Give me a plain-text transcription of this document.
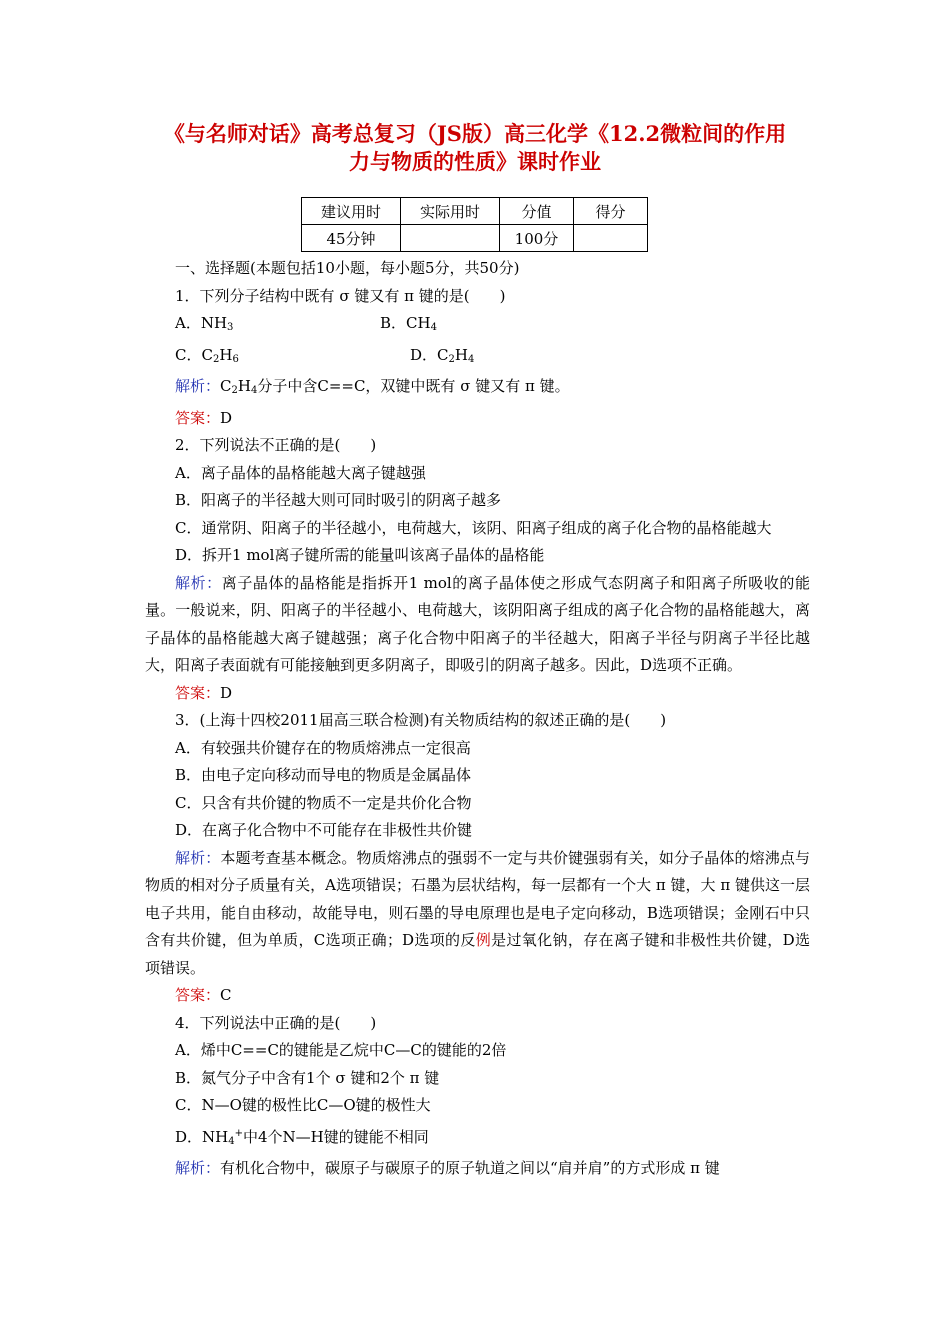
《与名师对话》高考总复习（JS版）高三化学《12.2微粒间的作用
力与物质的性质》课时作业
建议用时	实际用时	分值	得分
45分钟		100分	

一、选择题(本题包括10小题，每小题5分，共50分)

1．下列分子结构中既有 σ 键又有 π 键的是(　　)

A．$NH_3$	B．$CH_4$
C．$C_2H_6$	D．$C_2H_4$

解析：$C_2H_4$分子中含C==C，双键中既有 σ 键又有 π 键。

答案：D

2．下列说法不正确的是(　　)

A．离子晶体的晶格能越大离子键越强

B．阳离子的半径越大则可同时吸引的阴离子越多

C．通常阴、阳离子的半径越小，电荷越大，该阴、阳离子组成的离子化合物的晶格能越大

D．拆开1 mol离子键所需的能量叫该离子晶体的晶格能

解析：离子晶体的晶格能是指拆开1 mol的离子晶体使之形成气态阴离子和阳离子所吸收的能量。一般说来，阴、阳离子的半径越小、电荷越大，该阴阳离子组成的离子化合物的晶格能越大，离子晶体的晶格能越大离子键越强；离子化合物中阳离子的半径越大，阳离子半径与阴离子半径比越大，阳离子表面就有可能接触到更多阴离子，即吸引的阴离子越多。因此，D选项不正确。

答案：D

3．(上海十四校2011届高三联合检测)有关物质结构的叙述正确的是(　　)

A．有较强共价键存在的物质熔沸点一定很高

B．由电子定向移动而导电的物质是金属晶体

C．只含有共价键的物质不一定是共价化合物

D．在离子化合物中不可能存在非极性共价键

解析：本题考查基本概念。物质熔沸点的强弱不一定与共价键强弱有关，如分子晶体的熔沸点与物质的相对分子质量有关，A选项错误；石墨为层状结构，每一层都有一个大 π 键，大 π 键供这一层电子共用，能自由移动，故能导电，则石墨的导电原理也是电子定向移动，B选项错误；金刚石中只含有共价键，但为单质，C选项正确；D选项的反例是过氧化钠，存在离子键和非极性共价键，D选项错误。

答案：C

4．下列说法中正确的是(　　)

A．烯中C==C的键能是乙烷中C—C的键能的2倍

B．氮气分子中含有1个 σ 键和2个 π 键

C．N—O键的极性比C—O键的极性大

D．$NH_4^+$中4个N—H键的键能不相同

解析：有机化合物中，碳原子与碳原子的原子轨道之间以“肩并肩”的方式形成 π 键
